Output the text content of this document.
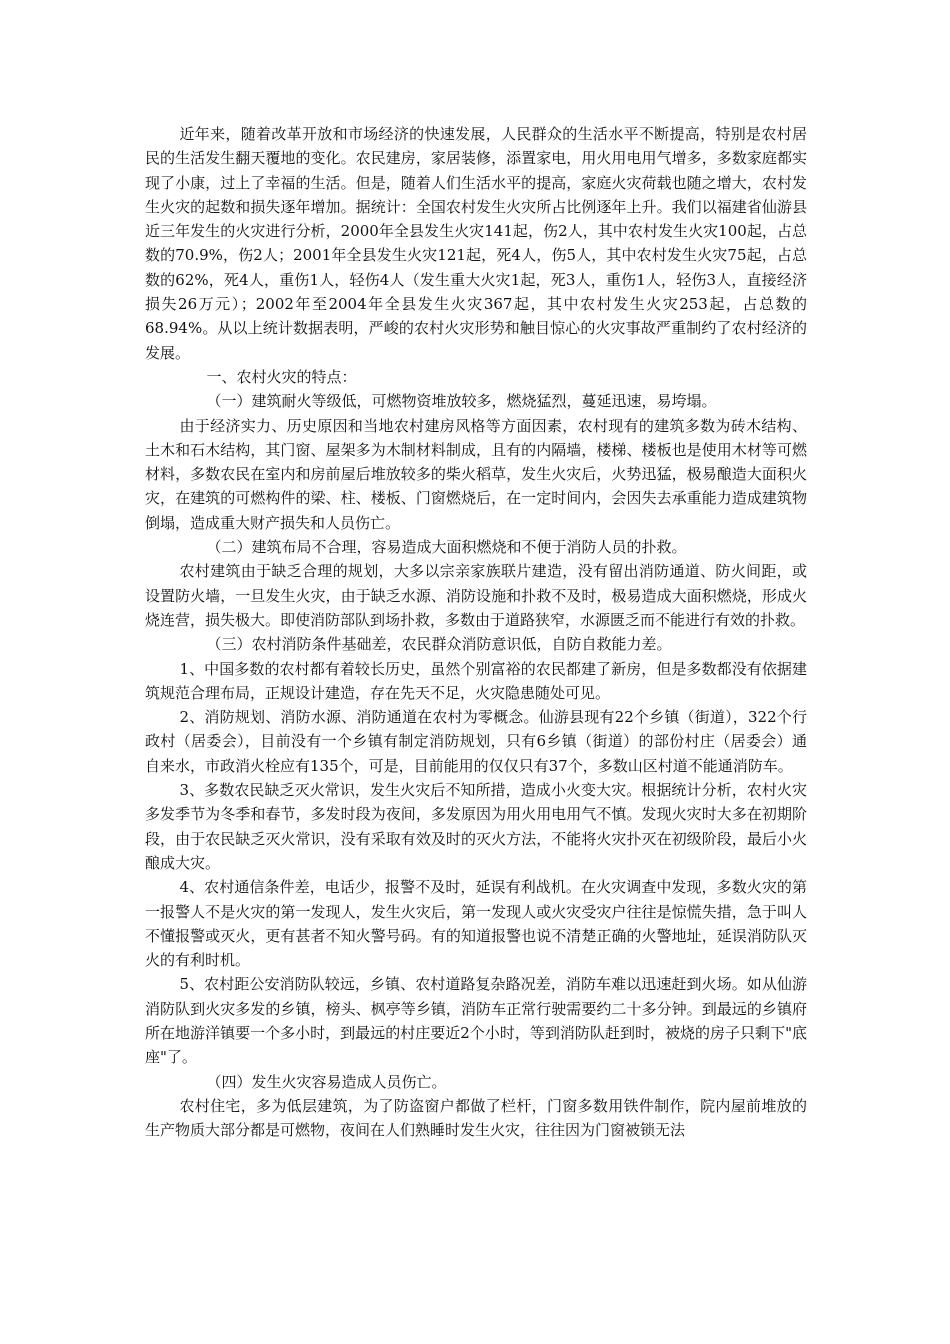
近年来，随着改革开放和市场经济的快速发展，人民群众的生活水平不断提高，特别是农村居民的生活发生翻天覆地的变化。农民建房，家居装修，添置家电，用火用电用气增多，多数家庭都实现了小康，过上了幸福的生活。但是，随着人们生活水平的提高，家庭火灾荷载也随之增大，农村发生火灾的起数和损失逐年增加。据统计：全国农村发生火灾所占比例逐年上升。我们以福建省仙游县近三年发生的火灾进行分析，2000年全县发生火灾141起，伤2人，其中农村发生火灾100起，占总数的70.9%，伤2人；2001年全县发生火灾121起，死4人，伤5人，其中农村发生火灾75起，占总数的62%，死4人，重伤1人，轻伤4人（发生重大火灾1起，死3人，重伤1人，轻伤3人，直接经济损失26万元）；2002年至2004年全县发生火灾367起，其中农村发生火灾253起，占总数的68.94%。从以上统计数据表明，严峻的农村火灾形势和触目惊心的火灾事故严重制约了农村经济的发展。

一、农村火灾的特点：

（一）建筑耐火等级低，可燃物资堆放较多，燃烧猛烈，蔓延迅速，易垮塌。

由于经济实力、历史原因和当地农村建房风格等方面因素，农村现有的建筑多数为砖木结构、土木和石木结构，其门窗、屋架多为木制材料制成，且有的内隔墙，楼梯、楼板也是使用木材等可燃材料，多数农民在室内和房前屋后堆放较多的柴火稻草，发生火灾后，火势迅猛，极易酿造大面积火灾，在建筑的可燃构件的梁、柱、楼板、门窗燃烧后，在一定时间内，会因失去承重能力造成建筑物倒塌，造成重大财产损失和人员伤亡。

（二）建筑布局不合理，容易造成大面积燃烧和不便于消防人员的扑救。

农村建筑由于缺乏合理的规划，大多以宗亲家族联片建造，没有留出消防通道、防火间距，或设置防火墙，一旦发生火灾，由于缺乏水源、消防设施和扑救不及时，极易造成大面积燃烧，形成火烧连营，损失极大。即使消防部队到场扑救，多数由于道路狭窄，水源匮乏而不能进行有效的扑救。

（三）农村消防条件基础差，农民群众消防意识低，自防自救能力差。

1、中国多数的农村都有着较长历史，虽然个别富裕的农民都建了新房，但是多数都没有依据建筑规范合理布局，正规设计建造，存在先天不足，火灾隐患随处可见。

2、消防规划、消防水源、消防通道在农村为零概念。仙游县现有22个乡镇（街道），322个行政村（居委会），目前没有一个乡镇有制定消防规划，只有6乡镇（街道）的部份村庄（居委会）通自来水，市政消火栓应有135个，可是，目前能用的仅仅只有37个，多数山区村道不能通消防车。

3、多数农民缺乏灭火常识，发生火灾后不知所措，造成小火变大灾。根据统计分析，农村火灾多发季节为冬季和春节，多发时段为夜间，多发原因为用火用电用气不慎。发现火灾时大多在初期阶段，由于农民缺乏灭火常识，没有采取有效及时的灭火方法，不能将火灾扑灭在初级阶段，最后小火酿成大灾。

4、农村通信条件差，电话少，报警不及时，延误有利战机。在火灾调查中发现，多数火灾的第一报警人不是火灾的第一发现人，发生火灾后，第一发现人或火灾受灾户往往是惊慌失措，急于叫人不懂报警或灭火，更有甚者不知火警号码。有的知道报警也说不清楚正确的火警地址，延误消防队灭火的有利时机。

5、农村距公安消防队较远，乡镇、农村道路复杂路况差，消防车难以迅速赶到火场。如从仙游消防队到火灾多发的乡镇，榜头、枫亭等乡镇，消防车正常行驶需要约二十多分钟。到最远的乡镇府所在地游洋镇要一个多小时，到最远的村庄要近2个小时，等到消防队赶到时，被烧的房子只剩下"底座"了。

（四）发生火灾容易造成人员伤亡。

农村住宅，多为低层建筑，为了防盗窗户都做了栏杆，门窗多数用铁件制作，院内屋前堆放的生产物质大部分都是可燃物，夜间在人们熟睡时发生火灾，往往因为门窗被锁无法
